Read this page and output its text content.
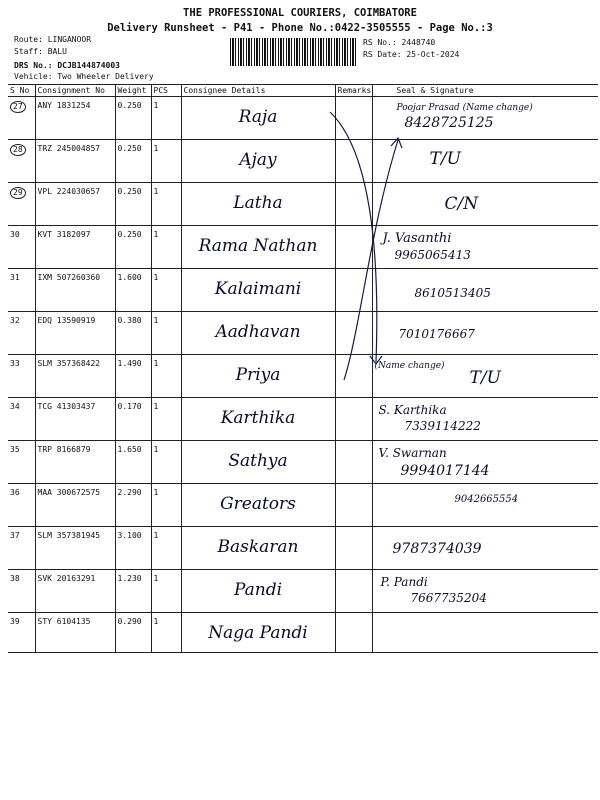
THE PROFESSIONAL COURIERS, COIMBATORE
Delivery Runsheet - P41 - Phone No.:0422-3505555 - Page No.:3
Route: LINGANOOR
Staff: BALU
DRS No.: DCJB144874003
Vehicle: Two Wheeler Delivery
RS No.: 2448740
RS Date: 25-Oct-2024
S No	Consignment No	Weight	PCS	Consignee Details	Remarks	Seal & Signature
27	ANY 1831254	0.250	1	Raja		Poojar Prasad (Name change)
8428725125

28	TRZ 245004857	0.250	1	Ajay		T/U

29	VPL 224030657	0.250	1	Latha		C/N

30	KVT 3182097	0.250	1	Rama Nathan		J. Vasanthi
9965065413

31	IXM 507260360	1.600	1	Kalaimani		8610513405

32	EDQ 13590919	0.380	1	Aadhavan		7010176667

33	SLM 357368422	1.490	1	Priya		(Name change)
T/U

34	TCG 41303437	0.170	1	Karthika		S. Karthika
7339114222

35	TRP 8166879	1.650	1	Sathya		V. Swarnan
9994017144

36	MAA 300672575	2.290	1	Greators		9042665554

37	SLM 357381945	3.100	1	Baskaran		9787374039

38	SVK 20163291	1.230	1	Pandi		P. Pandi
7667735204

39	STY 6104135	0.290	1	Naga Pandi		
